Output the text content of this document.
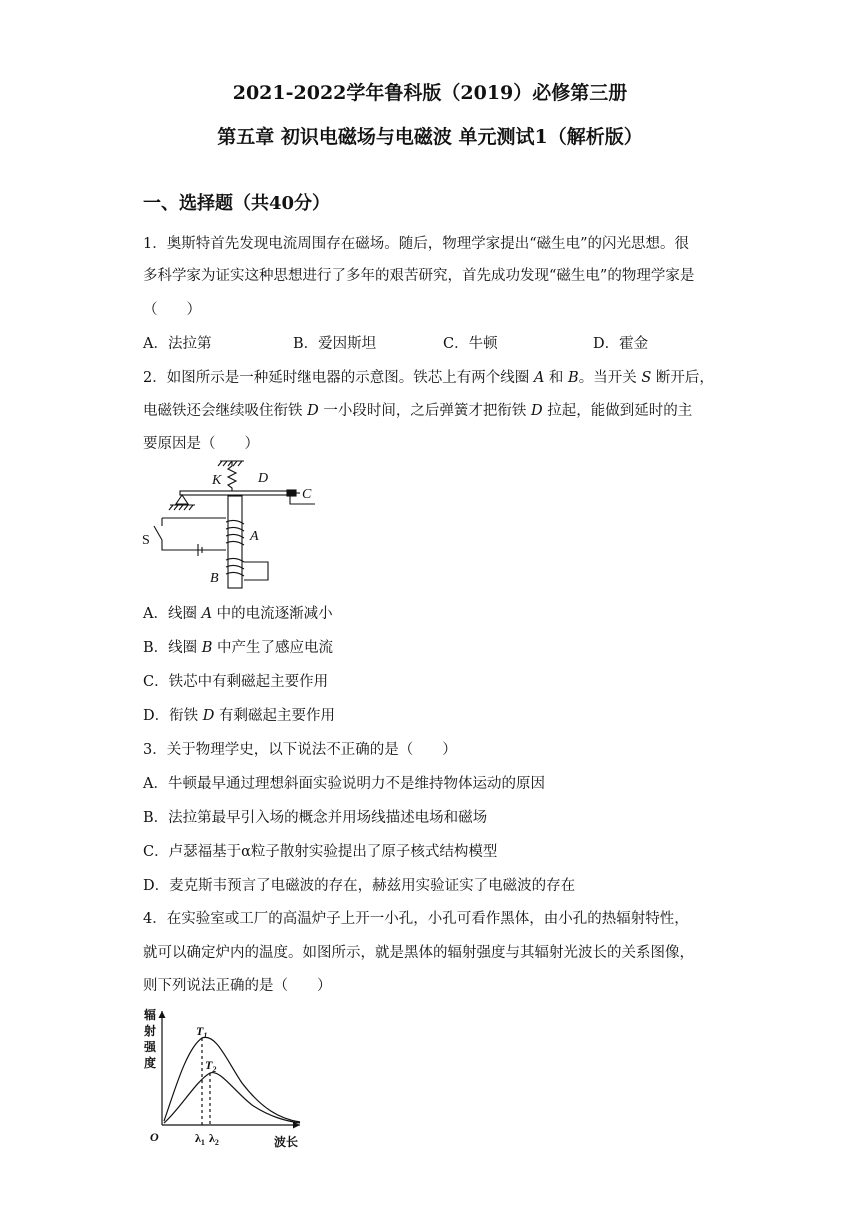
2021-2022学年鲁科版（2019）必修第三册
第五章 初识电磁场与电磁波 单元测试1（解析版）
一、选择题（共40分）
1．奥斯特首先发现电流周围存在磁场。随后，物理学家提出“磁生电”的闪光思想。很
多科学家为证实这种思想进行了多年的艰苦研究，首先成功发现“磁生电”的物理学家是
（　　）
A．法拉第	B．爱因斯坦	C．牛顿	D．霍金
2．如图所示是一种延时继电器的示意图。铁芯上有两个线圈 A 和 B。当开关 S 断开后，
电磁铁还会继续吸住衔铁 D 一小段时间，之后弹簧才把衔铁 D 拉起，能做到延时的主
要原因是（　　）
K	D
C
A
B
S
A．线圈 A 中的电流逐渐减小
B．线圈 B 中产生了感应电流
C．铁芯中有剩磁起主要作用
D．衔铁 D 有剩磁起主要作用
3．关于物理学史，以下说法不正确的是（　　）
A．牛顿最早通过理想斜面实验说明力不是维持物体运动的原因
B．法拉第最早引入场的概念并用场线描述电场和磁场
C．卢瑟福基于α粒子散射实验提出了原子核式结构模型
D．麦克斯韦预言了电磁波的存在，赫兹用实验证实了电磁波的存在
4．在实验室或工厂的高温炉子上开一小孔，小孔可看作黑体，由小孔的热辐射特性，
就可以确定炉内的温度。如图所示，就是黑体的辐射强度与其辐射光波长的关系图像，
则下列说法正确的是（　　）
辐
射
强
度
O	波长
$T_1$
$T_2$
$\lambda_1$ $\lambda_2$
